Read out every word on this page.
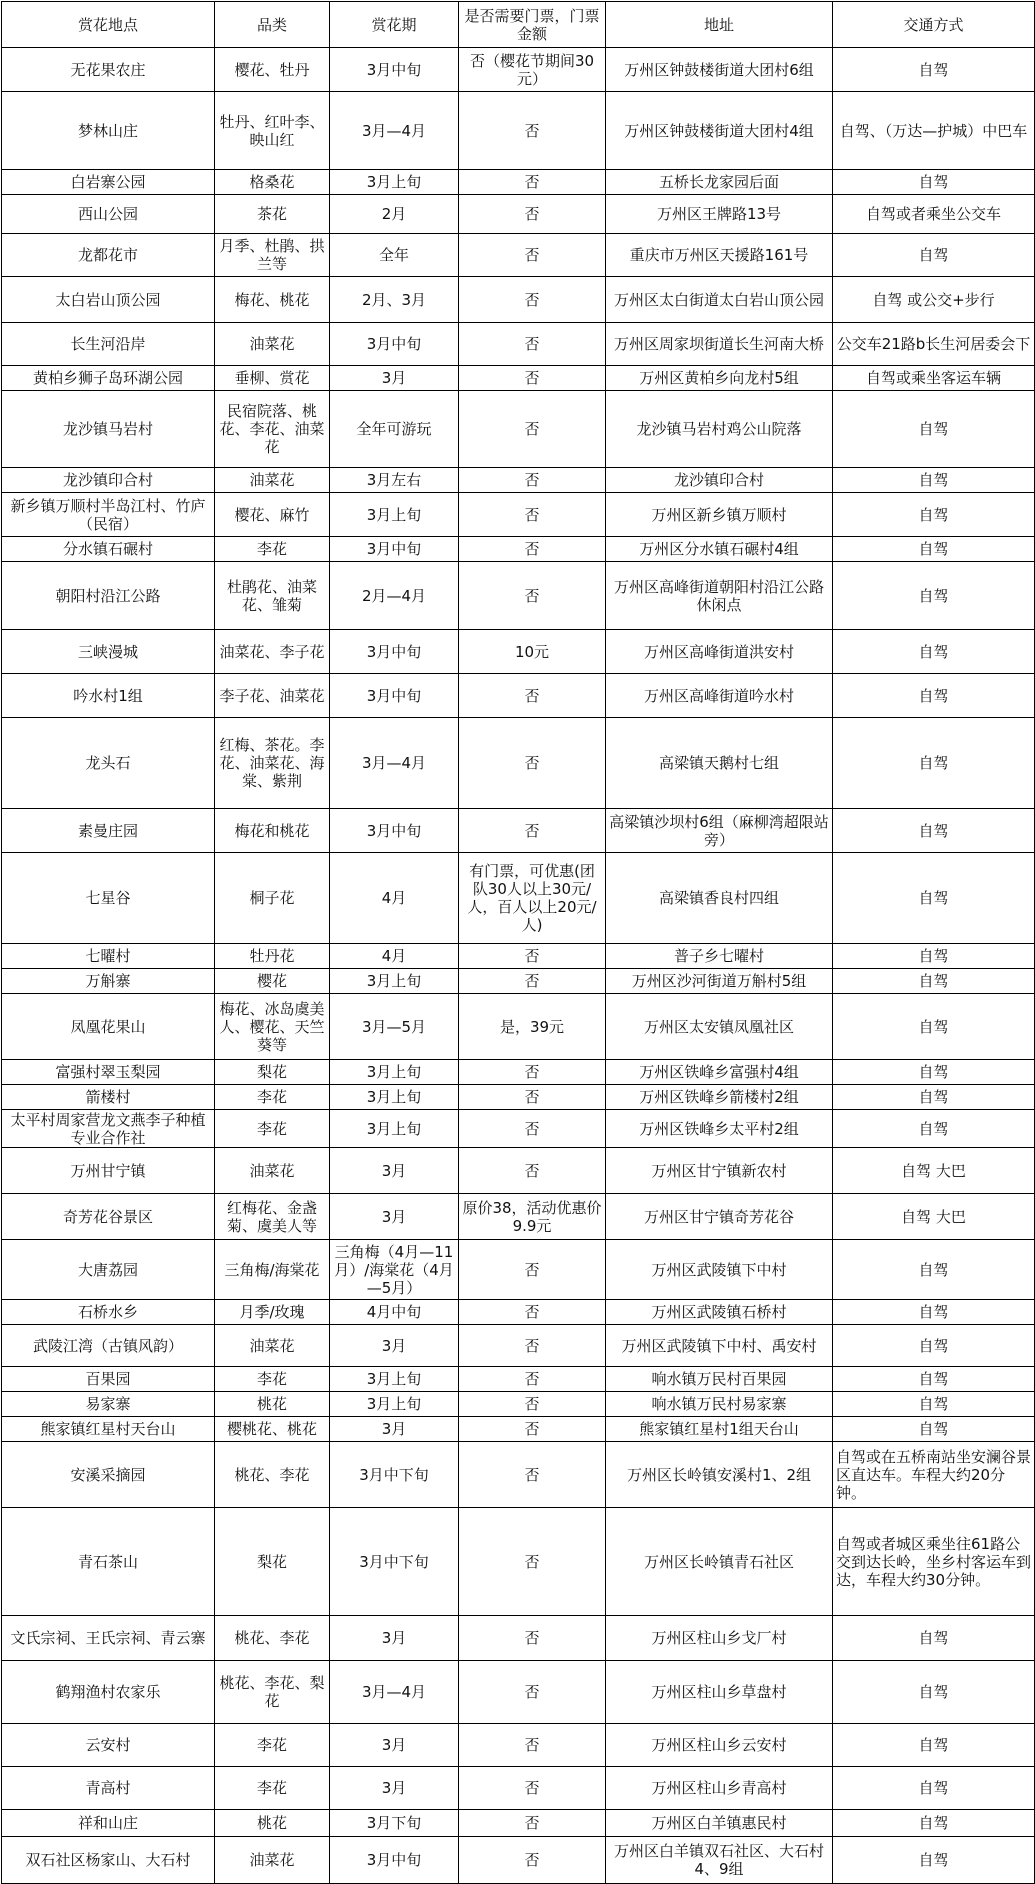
赏花地点	品类	赏花期	是否需要门票，门票金额	地址	交通方式
无花果农庄	樱花、牡丹	3月中旬	否（樱花节期间30元）	万州区钟鼓楼街道大团村6组	自驾
梦林山庄	牡丹、红叶李、映山红	3月—4月	否	万州区钟鼓楼街道大团村4组	自驾、（万达—护城）中巴车
白岩寨公园	格桑花	3月上旬	否	五桥长龙家园后面	自驾
西山公园	茶花	2月	否	万州区王牌路13号	自驾或者乘坐公交车
龙都花市	月季、杜鹃、拱兰等	全年	否	重庆市万州区天援路161号	自驾
太白岩山顶公园	梅花、桃花	2月、3月	否	万州区太白街道太白岩山顶公园	自驾 或公交+步行
长生河沿岸	油菜花	3月中旬	否	万州区周家坝街道长生河南大桥	公交车21路b长生河居委会下
黄柏乡狮子岛环湖公园	垂柳、赏花	3月	否	万州区黄柏乡向龙村5组	自驾或乘坐客运车辆
龙沙镇马岩村	民宿院落、桃花、李花、油菜花	全年可游玩	否	龙沙镇马岩村鸡公山院落	自驾
龙沙镇印合村	油菜花	3月左右	否	龙沙镇印合村	自驾
新乡镇万顺村半岛江村、竹庐（民宿）	樱花、麻竹	3月上旬	否	万州区新乡镇万顺村	自驾
分水镇石碾村	李花	3月中旬	否	万州区分水镇石碾村4组	自驾
朝阳村沿江公路	杜鹃花、油菜花、雏菊	2月—4月	否	万州区高峰街道朝阳村沿江公路休闲点	自驾
三峡漫城	油菜花、李子花	3月中旬	10元	万州区高峰街道洪安村	自驾
吟水村1组	李子花、油菜花	3月中旬	否	万州区高峰街道吟水村	自驾
龙头石	红梅、茶花。李花、油菜花、海棠、紫荆	3月—4月	否	高梁镇天鹅村七组	自驾
素曼庄园	梅花和桃花	3月中旬	否	高梁镇沙坝村6组（麻柳湾超限站旁）	自驾
七星谷	桐子花	4月	有门票，可优惠(团队30人以上30元/人，百人以上20元/人)	高梁镇香良村四组	自驾
七曜村	牡丹花	4月	否	普子乡七曜村	自驾
万斛寨	樱花	3月上旬	否	万州区沙河街道万斛村5组	自驾
凤凰花果山	梅花、冰岛虞美人、樱花、天竺葵等	3月—5月	是，39元	万州区太安镇凤凰社区	自驾
富强村翠玉梨园	梨花	3月上旬	否	万州区铁峰乡富强村4组	自驾
箭楼村	李花	3月上旬	否	万州区铁峰乡箭楼村2组	自驾
太平村周家营龙文燕李子种植专业合作社	李花	3月上旬	否	万州区铁峰乡太平村2组	自驾
万州甘宁镇	油菜花	3月	否	万州区甘宁镇新农村	自驾 大巴
奇芳花谷景区	红梅花、金盏菊、虞美人等	3月	原价38，活动优惠价9.9元	万州区甘宁镇奇芳花谷	自驾 大巴
大唐荔园	三角梅/海棠花	三角梅（4月—11月）/海棠花（4月—5月）	否	万州区武陵镇下中村	自驾
石桥水乡	月季/玫瑰	4月中旬	否	万州区武陵镇石桥村	自驾
武陵江湾（古镇风韵）	油菜花	3月	否	万州区武陵镇下中村、禹安村	自驾
百果园	李花	3月上旬	否	响水镇万民村百果园	自驾
易家寨	桃花	3月上旬	否	响水镇万民村易家寨	自驾
熊家镇红星村天台山	樱桃花、桃花	3月	否	熊家镇红星村1组天台山	自驾
安溪采摘园	桃花、李花	3月中下旬	否	万州区长岭镇安溪村1、2组	自驾或在五桥南站坐安澜谷景区直达车。车程大约20分钟。
青石茶山	梨花	3月中下旬	否	万州区长岭镇青石社区	自驾或者城区乘坐往61路公交到达长岭，坐乡村客运车到达，车程大约30分钟。
文氏宗祠、王氏宗祠、青云寨	桃花、李花	3月	否	万州区柱山乡戈厂村	自驾
鹤翔渔村农家乐	桃花、李花、梨花	3月—4月	否	万州区柱山乡草盘村	自驾
云安村	李花	3月	否	万州区柱山乡云安村	自驾
青高村	李花	3月	否	万州区柱山乡青高村	自驾
祥和山庄	桃花	3月下旬	否	万州区白羊镇惠民村	自驾
双石社区杨家山、大石村	油菜花	3月中旬	否	万州区白羊镇双石社区、大石村4、9组	自驾
